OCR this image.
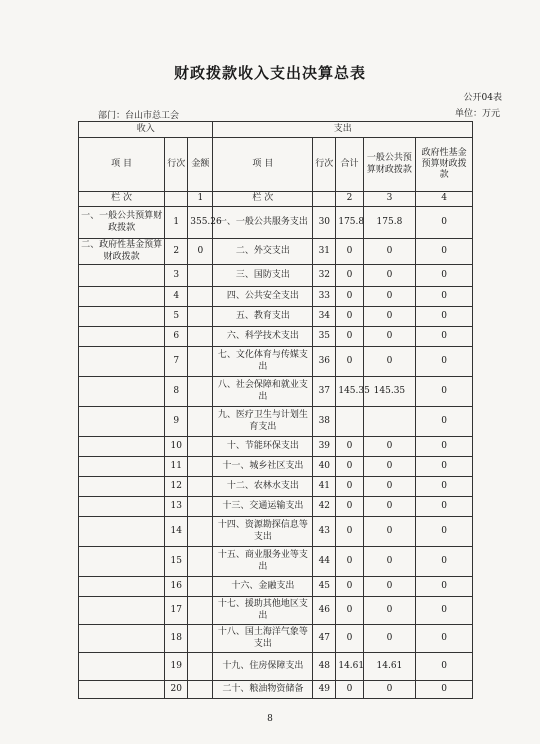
财政拨款收入支出决算总表
公开04表
部门：台山市总工会	单位：万元
收入			支出				
项 目	行次	金额	项 目	行次	合计	一般公共预算财政拨款	政府性基金预算财政拨款
栏 次		1	栏 次		2	3	4
一、一般公共预算财政拨款	1	355.26	一、一般公共服务支出	30	175.8	175.8	0
二、政府性基金预算财政拨款	2	0	二、外交支出	31	0	0	0
	3		三、国防支出	32	0	0	0
	4		四、公共安全支出	33	0	0	0
	5		五、教育支出	34	0	0	0
	6		六、科学技术支出	35	0	0	0
	7		七、文化体育与传媒支出	36	0	0	0
	8		八、社会保障和就业支出	37	145.35	145.35	0
	9		九、医疗卫生与计划生育支出	38			0
	10		十、节能环保支出	39	0	0	0
	11		十一、城乡社区支出	40	0	0	0
	12		十二、农林水支出	41	0	0	0
	13		十三、交通运输支出	42	0	0	0
	14		十四、资源勘探信息等支出	43	0	0	0
	15		十五、商业服务业等支出	44	0	0	0
	16		十六、金融支出	45	0	0	0
	17		十七、援助其他地区支出	46	0	0	0
	18		十八、国土海洋气象等支出	47	0	0	0
	19		十九、住房保障支出	48	14.61	14.61	0
	20		二十、粮油物资储备	49	0	0	0
8
